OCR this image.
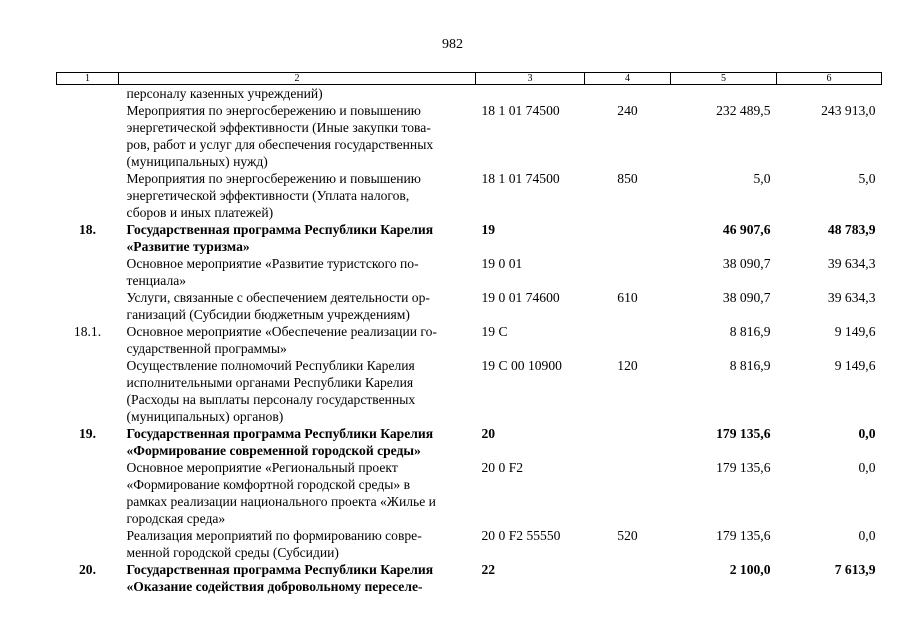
982
1	2	3	4	5	6

	персоналу казенных учреждений)				

	Мероприятия по энергосбережению и повышению
энергетической эффективности (Иные закупки това-
ров, работ и услуг для обеспечения государственных
(муниципальных) нужд)	18 1 01 74500	240	232 489,5	243 913,0

	Мероприятия по энергосбережению и повышению
энергетической эффективности (Уплата налогов,
сборов и иных платежей)	18 1 01 74500	850	5,0	5,0
18.	Государственная программа Республики Карелия
«Развитие туризма»	19		46 907,6	48 783,9

	Основное мероприятие «Развитие туристского по-
тенциала»	19 0 01		38 090,7	39 634,3

	Услуги, связанные с обеспечением деятельности ор-
ганизаций (Субсидии бюджетным учреждениям)	19 0 01 74600	610	38 090,7	39 634,3
18.1.	Основное мероприятие «Обеспечение реализации го-
сударственной программы»	19 С		8 816,9	9 149,6

	Осуществление полномочий Республики Карелия
исполнительными органами Республики Карелия
(Расходы на выплаты персоналу государственных
(муниципальных) органов)	19 С 00 10900	120	8 816,9	9 149,6
19.	Государственная программа Республики Карелия
«Формирование современной городской среды»	20		179 135,6	0,0

	Основное мероприятие «Региональный проект
«Формирование комфортной городской среды» в
рамках реализации национального проекта «Жилье и
городская среда»	20 0 F2		179 135,6	0,0

	Реализация мероприятий по формированию совре-
менной городской среды (Субсидии)	20 0 F2 55550	520	179 135,6	0,0
20.	Государственная программа Республики Карелия
«Оказание содействия добровольному переселе-	22		2 100,0	7 613,9
